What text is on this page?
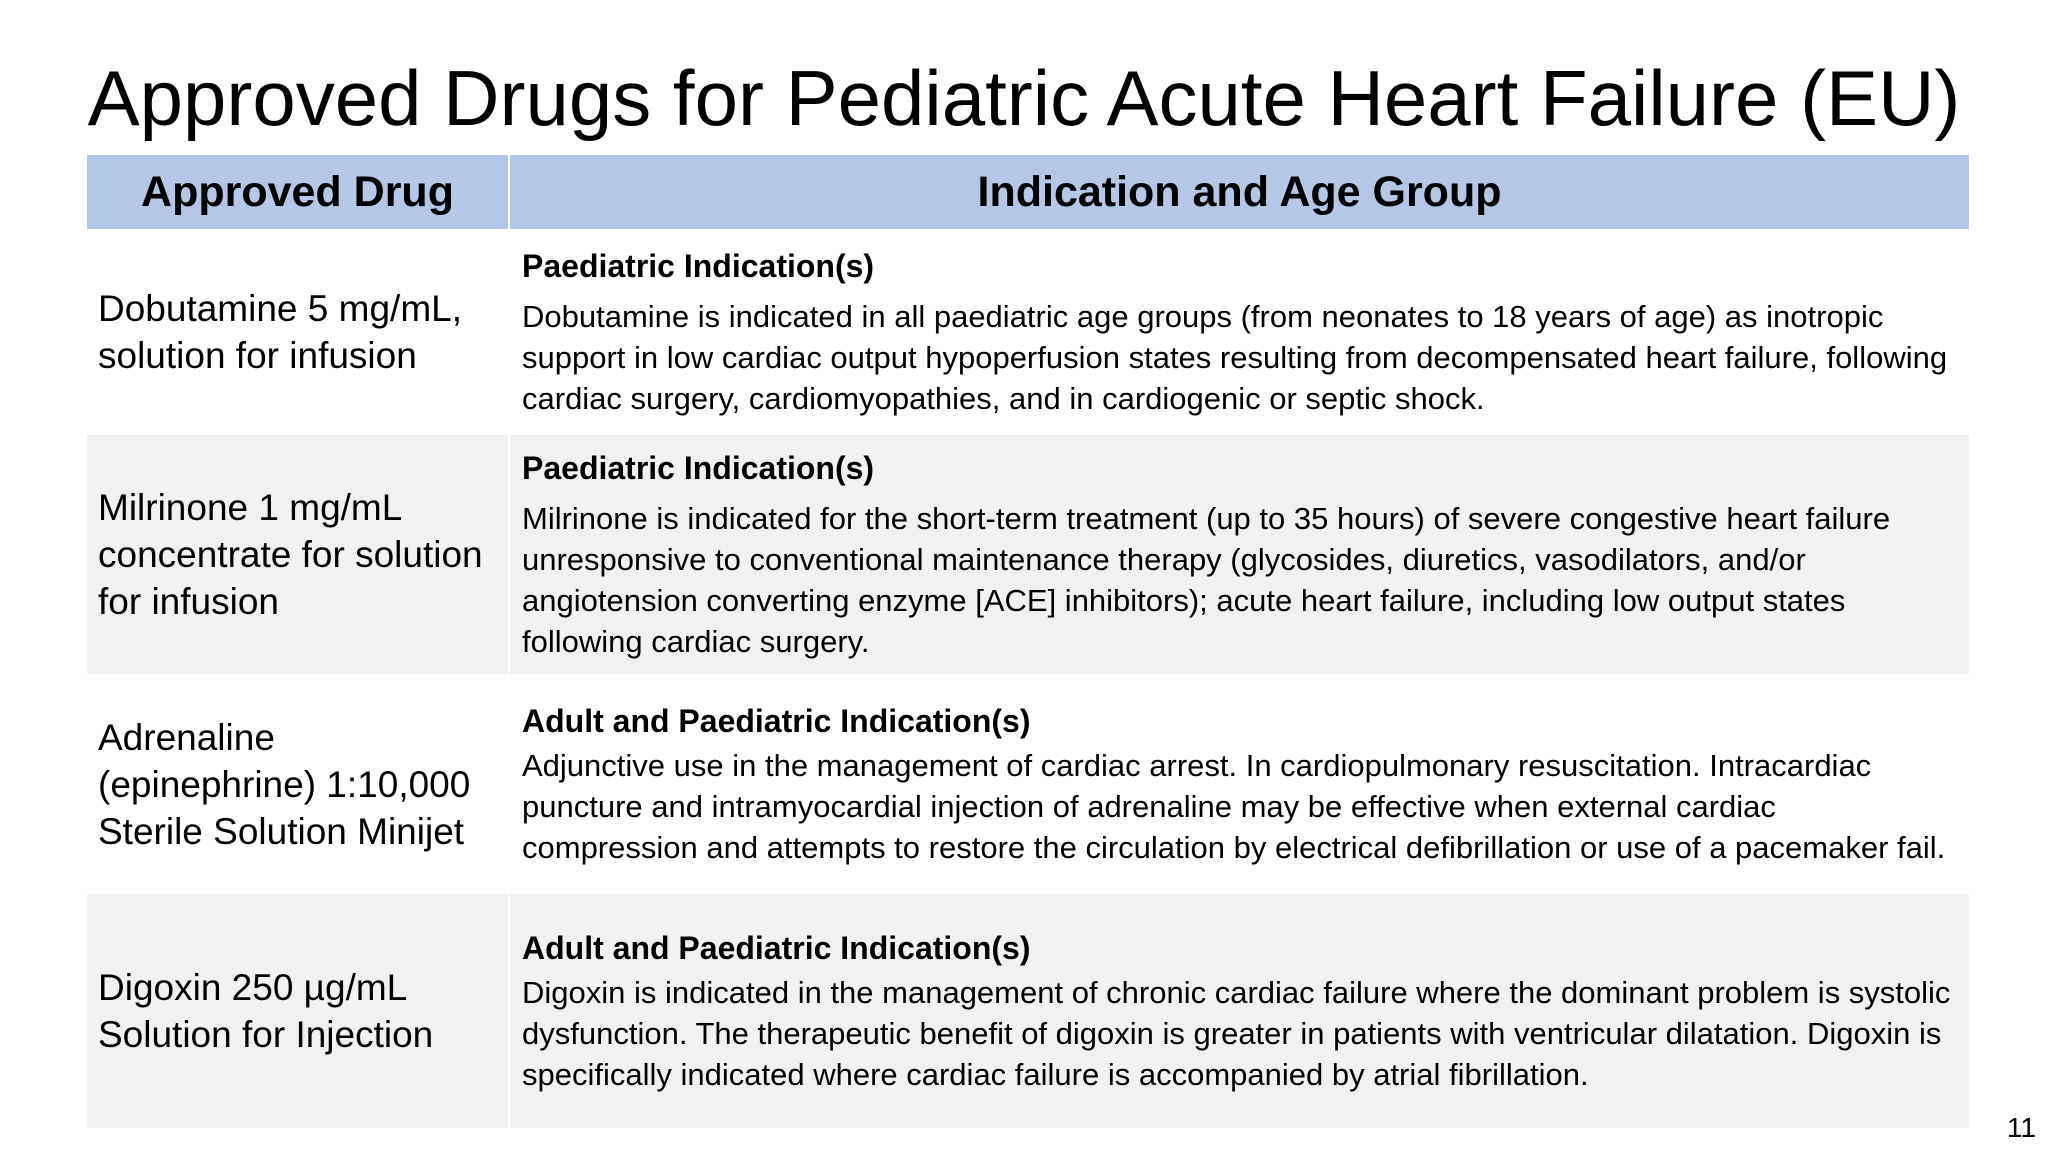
Approved Drugs for Pediatric Acute Heart Failure (EU)
Approved Drug	Indication and Age Group
Dobutamine 5 mg/mL, solution for infusion	Paediatric Indication(s)
Dobutamine is indicated in all paediatric age groups (from neonates to 18 years of age) as inotropic support in low cardiac output hypoperfusion states resulting from decompensated heart failure, following cardiac surgery, cardiomyopathies, and in cardiogenic or septic shock.

Milrinone 1 mg/mL concentrate for solution for infusion	Paediatric Indication(s)
Milrinone is indicated for the short-term treatment (up to 35 hours) of severe congestive heart failure unresponsive to conventional maintenance therapy (glycosides, diuretics, vasodilators, and/or angiotension converting enzyme [ACE] inhibitors); acute heart failure, including low output states following cardiac surgery.

Adrenaline (epinephrine) 1:10,000 Sterile Solution Minijet	Adult and Paediatric Indication(s)
Adjunctive use in the management of cardiac arrest. In cardiopulmonary resuscitation. Intracardiac puncture and intramyocardial injection of adrenaline may be effective when external cardiac compression and attempts to restore the circulation by electrical defibrillation or use of a pacemaker fail.

Digoxin 250 µg/mL Solution for Injection	Adult and Paediatric Indication(s)
Digoxin is indicated in the management of chronic cardiac failure where the dominant problem is systolic dysfunction. The therapeutic benefit of digoxin is greater in patients with ventricular dilatation. Digoxin is specifically indicated where cardiac failure is accompanied by atrial fibrillation.
11
